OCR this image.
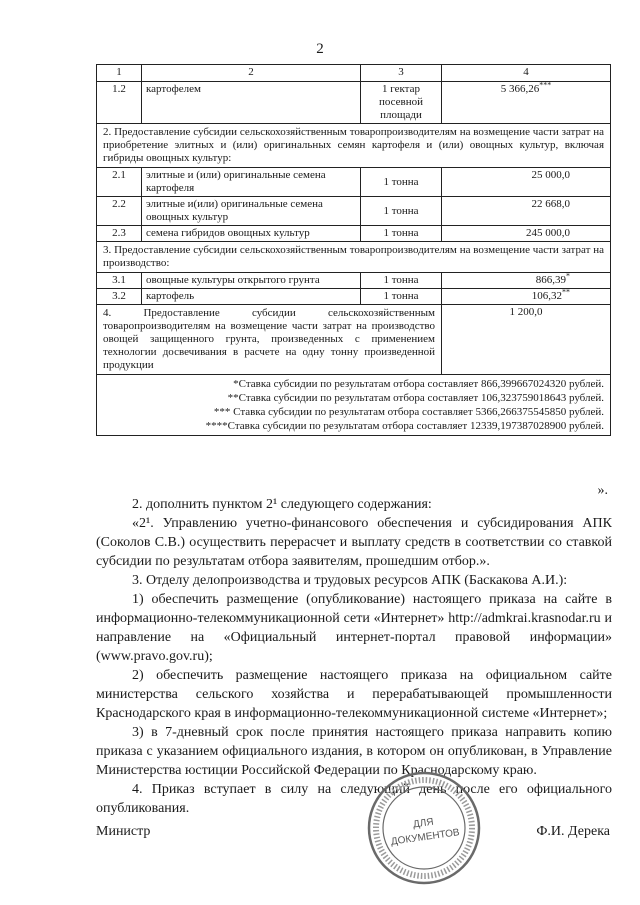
2
1	2	3	4
1.2	картофелем	1 гектар посевной площади	5 366,26***
2. Предоставление субсидии сельскохозяйственным товаропроизводителям на возмещение части затрат на приобретение элитных и (или) оригинальных семян картофеля и (или) овощных культур, включая гибриды овощных культур:			
2.1	элитные и (или) оригинальные семена картофеля	1 тонна	25 000,0
2.2	элитные и(или) оригинальные семена овощных культур	1 тонна	22 668,0
2.3	семена гибридов овощных культур	1 тонна	245 000,0
3. Предоставление субсидии сельскохозяйственным товаропроизводителям на возмещение части затрат на производство:			
3.1	овощные культуры открытого грунта	1 тонна	866,39*
3.2	картофель	1 тонна	106,32**
4. Предоставление субсидии сельскохозяйственным товаропроизводителям на возмещение части затрат на производство овощей защищенного грунта, произведенных с применением технологии досвечивания в расчете на одну тонну произведенной продукции			1 200,0

*Ставка субсидии по результатам отбора составляет 866,399667024320 рублей.
**Ставка субсидии по результатам отбора составляет 106,323759018643 рублей.
*** Ставка субсидии по результатам отбора составляет 5366,266375545850 рублей.
****Ставка субсидии по результатам отбора составляет 12339,197387028900 рублей.			
».

2. дополнить пунктом 2¹ следующего содержания:

«2¹. Управлению учетно-финансового обеспечения и субсидирования АПК (Соколов С.В.) осуществить перерасчет и выплату средств в соответствии со ставкой субсидии по результатам отбора заявителям, прошедшим отбор.».

3. Отделу делопроизводства и трудовых ресурсов АПК (Баскакова А.И.):

1) обеспечить размещение (опубликование) настоящего приказа на сайте в информационно-телекоммуникационной сети «Интернет» http://admkrai.krasnodar.ru и направление на «Официальный интернет-портал правовой информации» (www.pravo.gov.ru);

2) обеспечить размещение настоящего приказа на официальном сайте министерства сельского хозяйства и перерабатывающей промышленности Краснодарского края в информационно-телекоммуникационной системе «Интернет»;

3) в 7-дневный срок после принятия настоящего приказа направить копию приказа с указанием официального издания, в котором он опубликован, в Управление Министерства юстиции Российской Федерации по Краснодарскому краю.

4. Приказ вступает в силу на следующий день после его официального опубликования.

Министр	Ф.И. Дерека
ДЛЯ
ДОКУМЕНТОВ
